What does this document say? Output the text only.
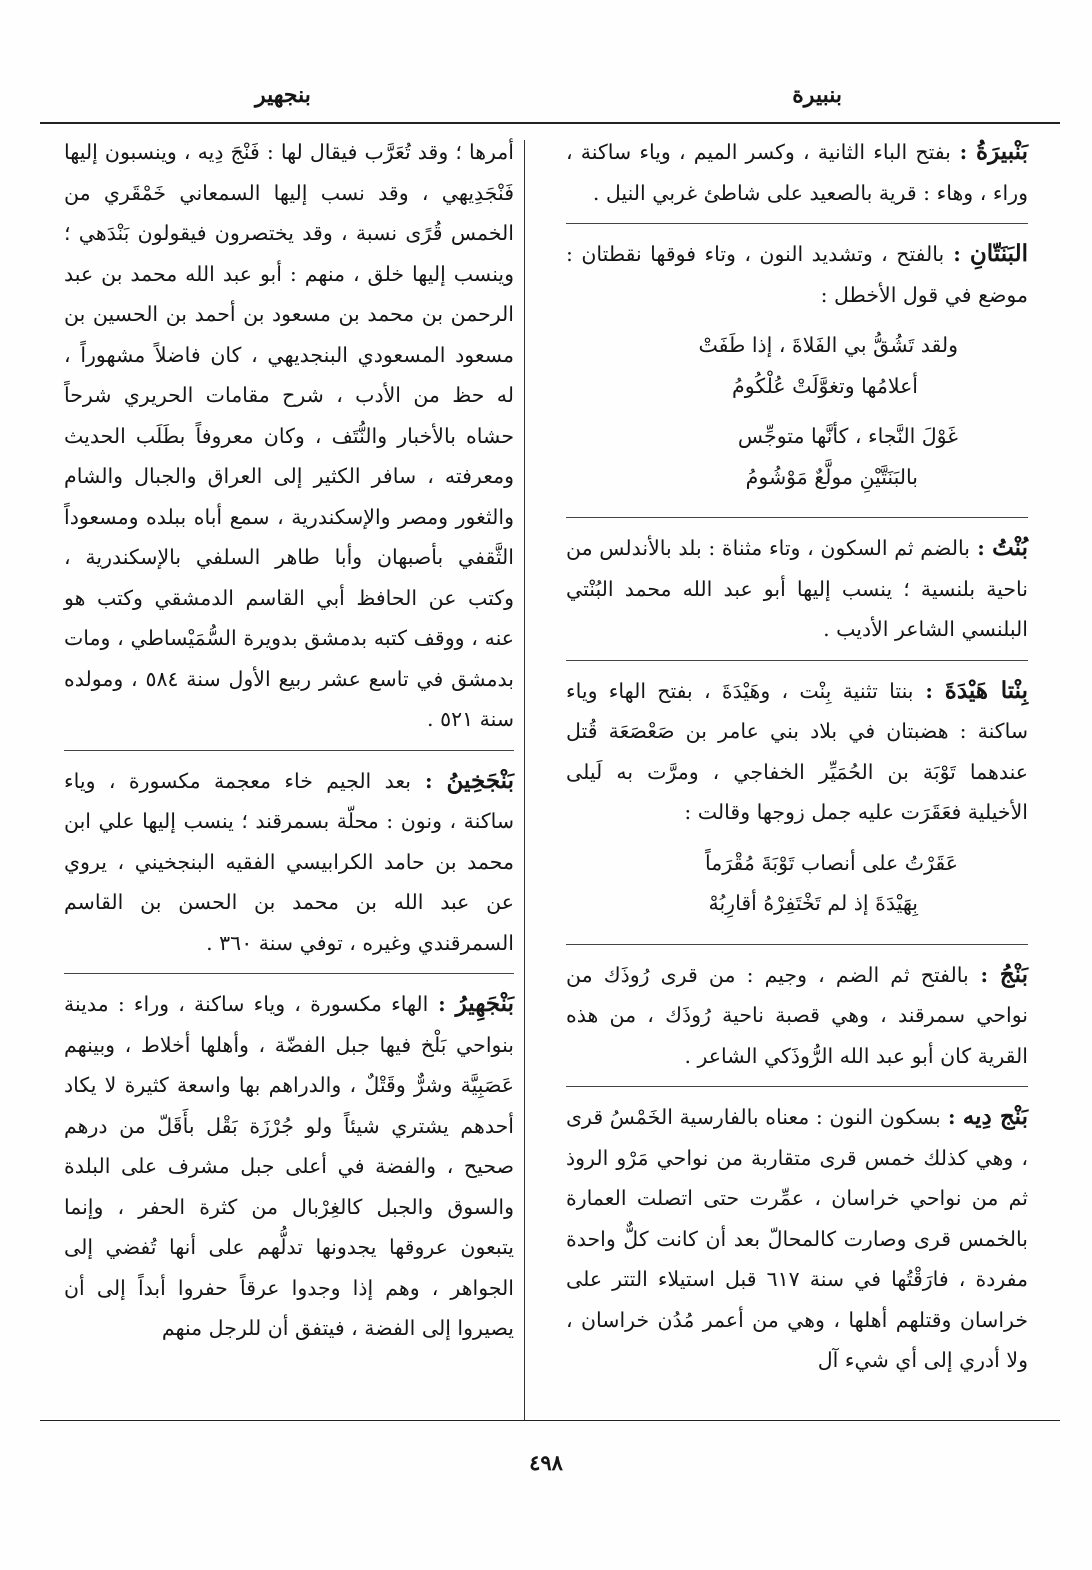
بنبيرة
بنجهير

بَنْبيرَةُ : بفتح الباء الثانية ، وكسر الميم ، وياء ساكنة ، وراء ، وهاء : قرية بالصعيد على شاطئ غربي النيل .

البَنَتّانِ : بالفتح ، وتشديد النون ، وتاء فوقها نقطتان : موضع في قول الأخطل :

ولقد تَشُقُّ بي الفَلاةَ ، إذا طَفَتْ
أعلامُها وتغوَّلَتْ عُلْكُومُ
غَوْلَ النَّجاء ، كأنَّها متوجِّس
بالبَنَتَّيْنِ مولَّعٌ مَوْشُومُ

بُنْتُ : بالضم ثم السكون ، وتاء مثناة : بلد بالأندلس من ناحية بلنسية ؛ ينسب إليها أبو عبد الله محمد البُنْتي البلنسي الشاعر الأديب .

بِنْتا هَيْدَةَ : بنتا تثنية بِنْت ، وهَيْدَةَ ، بفتح الهاء وياء ساكنة : هضبتان في بلاد بني عامر بن صَعْصَعَة قُتل عندهما تَوْبَة بن الحُمَيِّر الخفاجي ، ومرَّت به لَيلى الأخيلية فعَقَرَت عليه جمل زوجها وقالت :

عَقَرْتُ على أنصاب تَوْبَةَ مُقْرَماً
بِهَيْدَةَ إذ لم تَخْتَفِرْهُ أقارِبُهْ

بَنْجُ : بالفتح ثم الضم ، وجيم : من قرى رُوذَك من نواحي سمرقند ، وهي قصبة ناحية رُوذَك ، من هذه القرية كان أبو عبد الله الرُّوذَكي الشاعر .

بَنْج دِيه : بسكون النون : معناه بالفارسية الخَمْسُ قرى ، وهي كذلك خمس قرى متقاربة من نواحي مَرْو الروذ ثم من نواحي خراسان ، عمِّرت حتى اتصلت العمارة بالخمس قرى وصارت كالمحالّ بعد أن كانت كلٌّ واحدة مفردة ، فارَقْتُها في سنة ٦١٧ قبل استيلاء التتر على خراسان وقتلهم أهلها ، وهي من أعمر مُدُن خراسان ، ولا أدري إلى أي شيء آل

أمرها ؛ وقد تُعَرَّب فيقال لها : فَنْجَ دِيه ، وينسبون إليها فَنْجَدِيهي ، وقد نسب إليها السمعاني خَمْقَري من الخمس قُرًى نسبة ، وقد يختصرون فيقولون بَنْدَهي ؛ وينسب إليها خلق ، منهم : أبو عبد الله محمد بن عبد الرحمن بن محمد بن مسعود بن أحمد بن الحسين بن مسعود المسعودي البنجديهي ، كان فاضلاً مشهوراً ، له حظ من الأدب ، شرح مقامات الحريري شرحاً حشاه بالأخبار والنُّتَف ، وكان معروفاً بطَلَب الحديث ومعرفته ، سافر الكثير إلى العراق والجبال والشام والثغور ومصر والإسكندرية ، سمع أباه ببلده ومسعوداً الثَّقفي بأصبهان وأبا طاهر السلفي بالإسكندرية ، وكتب عن الحافظ أبي القاسم الدمشقي وكتب هو عنه ، ووقف كتبه بدمشق بدويرة السُّمَيْساطي ، ومات بدمشق في تاسع عشر ربيع الأول سنة ٥٨٤ ، ومولده سنة ٥٢١ .

بَنْجَخِينُ : بعد الجيم خاء معجمة مكسورة ، وياء ساكنة ، ونون : محلّة بسمرقند ؛ ينسب إليها علي ابن محمد بن حامد الكرابيسي الفقيه البنجخيني ، يروي عن عبد الله بن محمد بن الحسن بن القاسم السمرقندي وغيره ، توفي سنة ٣٦٠ .

بَنْجَهِيرُ : الهاء مكسورة ، وياء ساكنة ، وراء : مدينة بنواحي بَلْخ فيها جبل الفضّة ، وأهلها أخلاط ، وبينهم عَصَبِيَّة وشرٌّ وقَتْلٌ ، والدراهم بها واسعة كثيرة لا يكاد أحدهم يشتري شيئاً ولو جُرْزَة بَقْل بأَقَلّ من درهم صحيح ، والفضة في أعلى جبل مشرف على البلدة والسوق والجبل كالغِرْبال من كثرة الحفر ، وإنما يتبعون عروقها يجدونها تدلُّهم على أنها تُفضي إلى الجواهر ، وهم إذا وجدوا عرقاً حفروا أبداً إلى أن يصيروا إلى الفضة ، فيتفق أن للرجل منهم

٤٩٨
